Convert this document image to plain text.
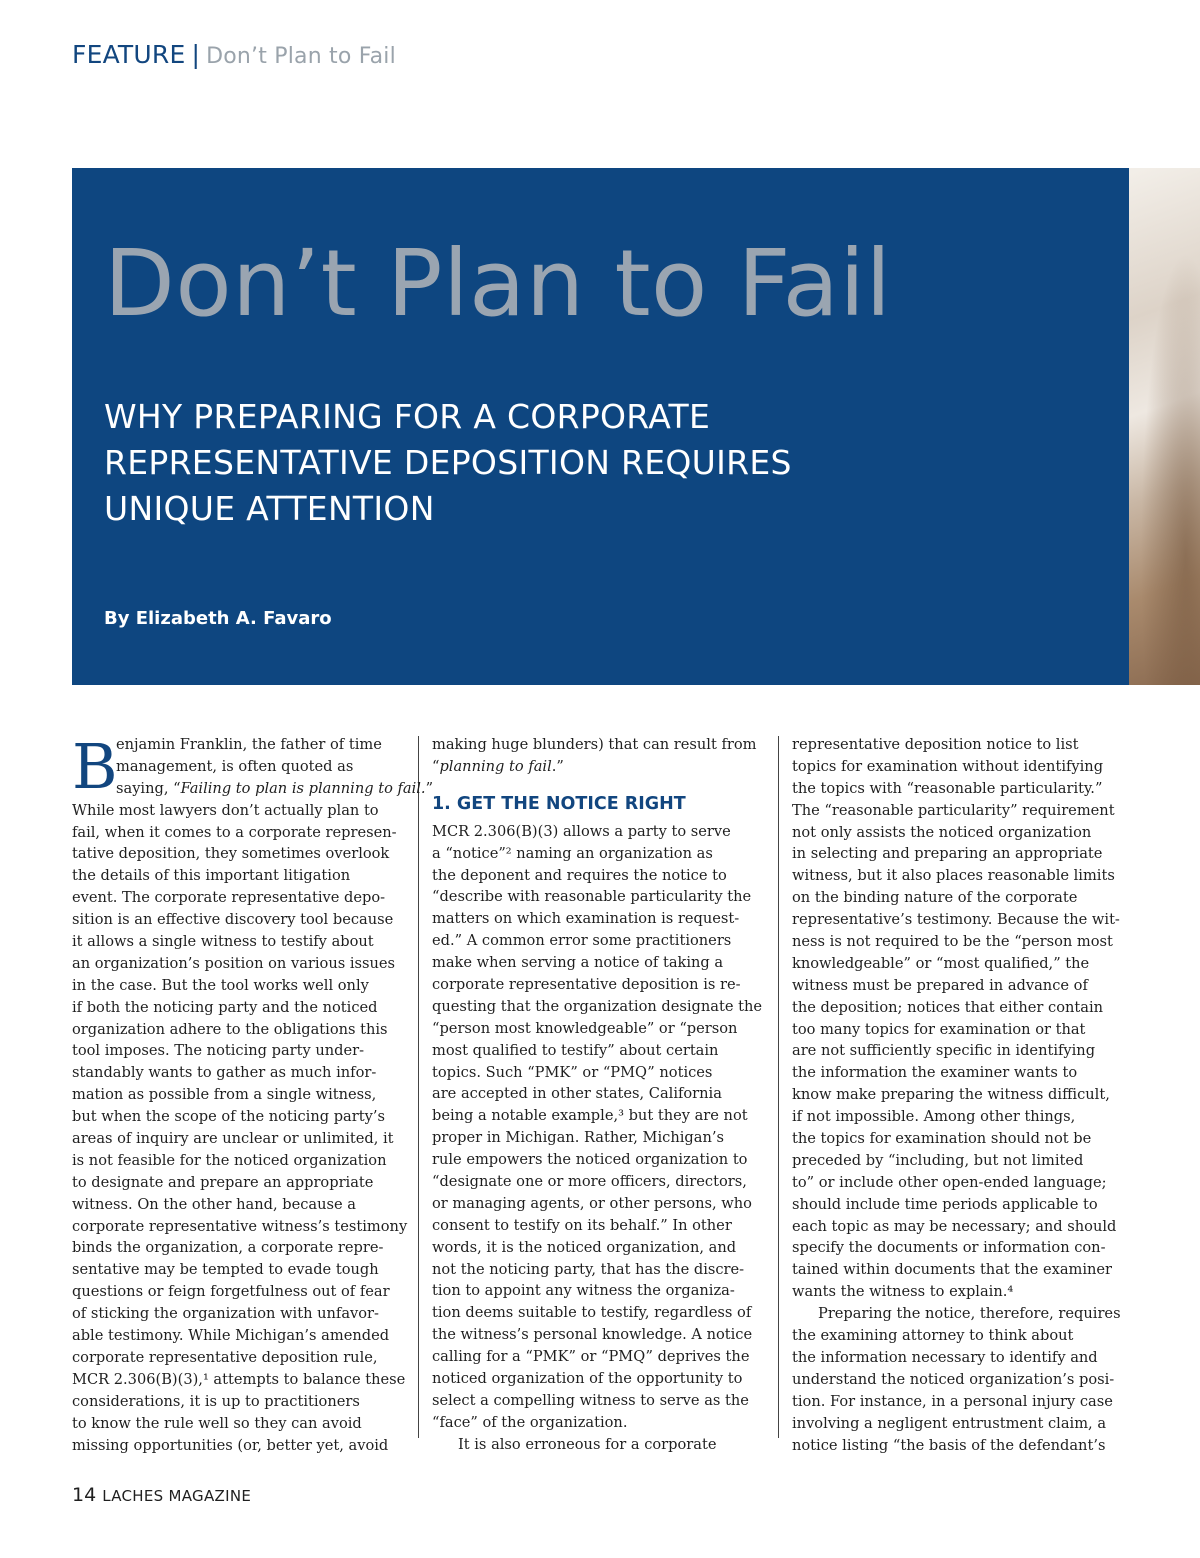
FEATURE | Don’t Plan to Fail
Don’t Plan to Fail
WHY PREPARING FOR A CORPORATE
REPRESENTATIVE DEPOSITION REQUIRES
UNIQUE ATTENTION
By Elizabeth A. Favaro
B
enjamin Franklin, the father of time
management, is often quoted as
saying, “Failing to plan is planning to fail.”
While most lawyers don’t actually plan to
fail, when it comes to a corporate represen-
tative deposition, they sometimes overlook
the details of this important litigation
event. The corporate representative depo-
sition is an effective discovery tool because
it allows a single witness to testify about
an organization’s position on various issues
in the case. But the tool works well only
if both the noticing party and the noticed
organization adhere to the obligations this
tool imposes. The noticing party under-
standably wants to gather as much infor-
mation as possible from a single witness,
but when the scope of the noticing party’s
areas of inquiry are unclear or unlimited, it
is not feasible for the noticed organization
to designate and prepare an appropriate
witness. On the other hand, because a
corporate representative witness’s testimony
binds the organization, a corporate repre-
sentative may be tempted to evade tough
questions or feign forgetfulness out of fear
of sticking the organization with unfavor-
able testimony. While Michigan’s amended
corporate representative deposition rule,
MCR 2.306(B)(3),¹ attempts to balance these
considerations, it is up to practitioners
to know the rule well so they can avoid
missing opportunities (or, better yet, avoid
making huge blunders) that can result from
“planning to fail.”
1. GET THE NOTICE RIGHT
MCR 2.306(B)(3) allows a party to serve
a “notice”² naming an organization as
the deponent and requires the notice to
“describe with reasonable particularity the
matters on which examination is request-
ed.” A common error some practitioners
make when serving a notice of taking a
corporate representative deposition is re-
questing that the organization designate the
“person most knowledgeable” or “person
most qualified to testify” about certain
topics. Such “PMK” or “PMQ” notices
are accepted in other states, California
being a notable example,³ but they are not
proper in Michigan. Rather, Michigan’s
rule empowers the noticed organization to
“designate one or more officers, directors,
or managing agents, or other persons, who
consent to testify on its behalf.” In other
words, it is the noticed organization, and
not the noticing party, that has the discre-
tion to appoint any witness the organiza-
tion deems suitable to testify, regardless of
the witness’s personal knowledge. A notice
calling for a “PMK” or “PMQ” deprives the
noticed organization of the opportunity to
select a compelling witness to serve as the
“face” of the organization.
It is also erroneous for a corporate
representative deposition notice to list
topics for examination without identifying
the topics with “reasonable particularity.”
The “reasonable particularity” requirement
not only assists the noticed organization
in selecting and preparing an appropriate
witness, but it also places reasonable limits
on the binding nature of the corporate
representative’s testimony. Because the wit-
ness is not required to be the “person most
knowledgeable” or “most qualified,” the
witness must be prepared in advance of
the deposition; notices that either contain
too many topics for examination or that
are not sufficiently specific in identifying
the information the examiner wants to
know make preparing the witness difficult,
if not impossible. Among other things,
the topics for examination should not be
preceded by “including, but not limited
to” or include other open-ended language;
should include time periods applicable to
each topic as may be necessary; and should
specify the documents or information con-
tained within documents that the examiner
wants the witness to explain.⁴
Preparing the notice, therefore, requires
the examining attorney to think about
the information necessary to identify and
understand the noticed organization’s posi-
tion. For instance, in a personal injury case
involving a negligent entrustment claim, a
notice listing “the basis of the defendant’s
14 LACHES MAGAZINE
